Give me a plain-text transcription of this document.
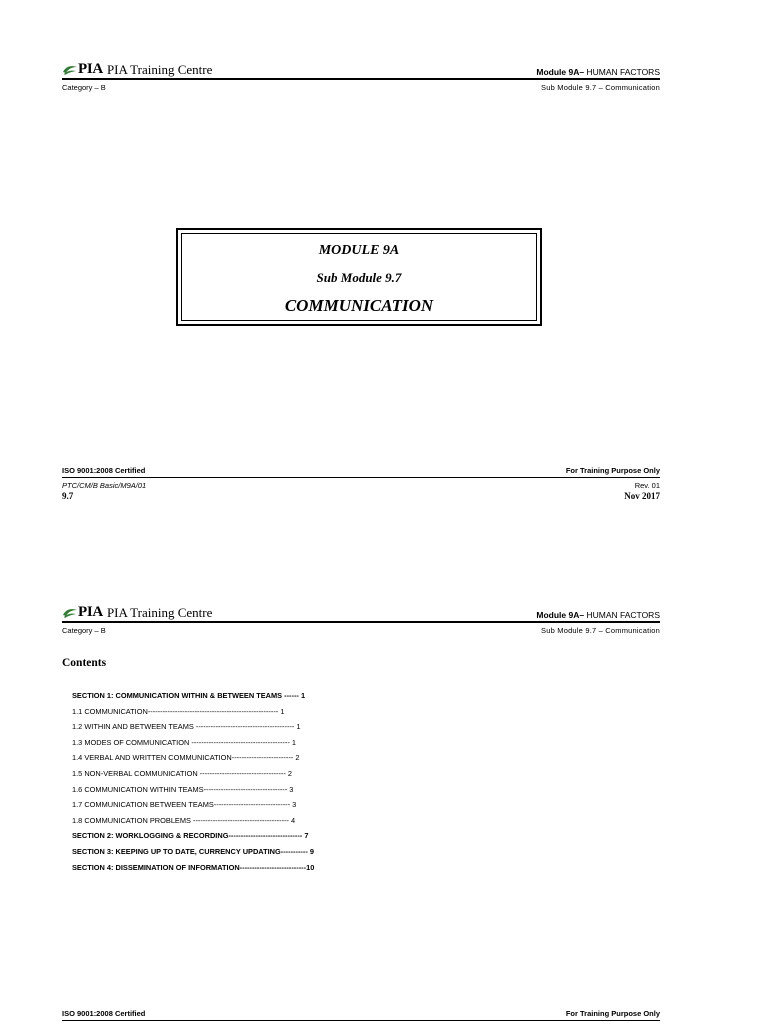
PIA PIA Training Centre	Module 9A– HUMAN FACTORS
Category – B	Sub Module 9.7 – Communication
MODULE 9A
Sub Module 9.7
COMMUNICATION
ISO 9001:2008 Certified	For Training Purpose Only
PTC/CM/B Basic/M9A/01	Rev. 01
9.7	Nov 2017
PIA PIA Training Centre	Module 9A– HUMAN FACTORS
Category – B	Sub Module 9.7 – Communication
Contents
SECTION 1: COMMUNICATION WITHIN & BETWEEN TEAMS ------ 1
1.1 COMMUNICATION----------------------------------------------------- 1
1.2 WITHIN AND BETWEEN TEAMS ---------------------------------------- 1
1.3 MODES OF COMMUNICATION ---------------------------------------- 1
1.4 VERBAL AND WRITTEN COMMUNICATION------------------------- 2
1.5 NON-VERBAL COMMUNICATION ----------------------------------- 2
1.6 COMMUNICATION WITHIN TEAMS---------------------------------- 3
1.7 COMMUNICATION BETWEEN TEAMS------------------------------- 3
1.8 COMMUNICATION PROBLEMS --------------------------------------- 4
SECTION 2: WORKLOGGING & RECORDING------------------------------ 7
SECTION 3: KEEPING UP TO DATE, CURRENCY UPDATING----------- 9
SECTION 4: DISSEMINATION OF INFORMATION---------------------------10
ISO 9001:2008 Certified	For Training Purpose Only
